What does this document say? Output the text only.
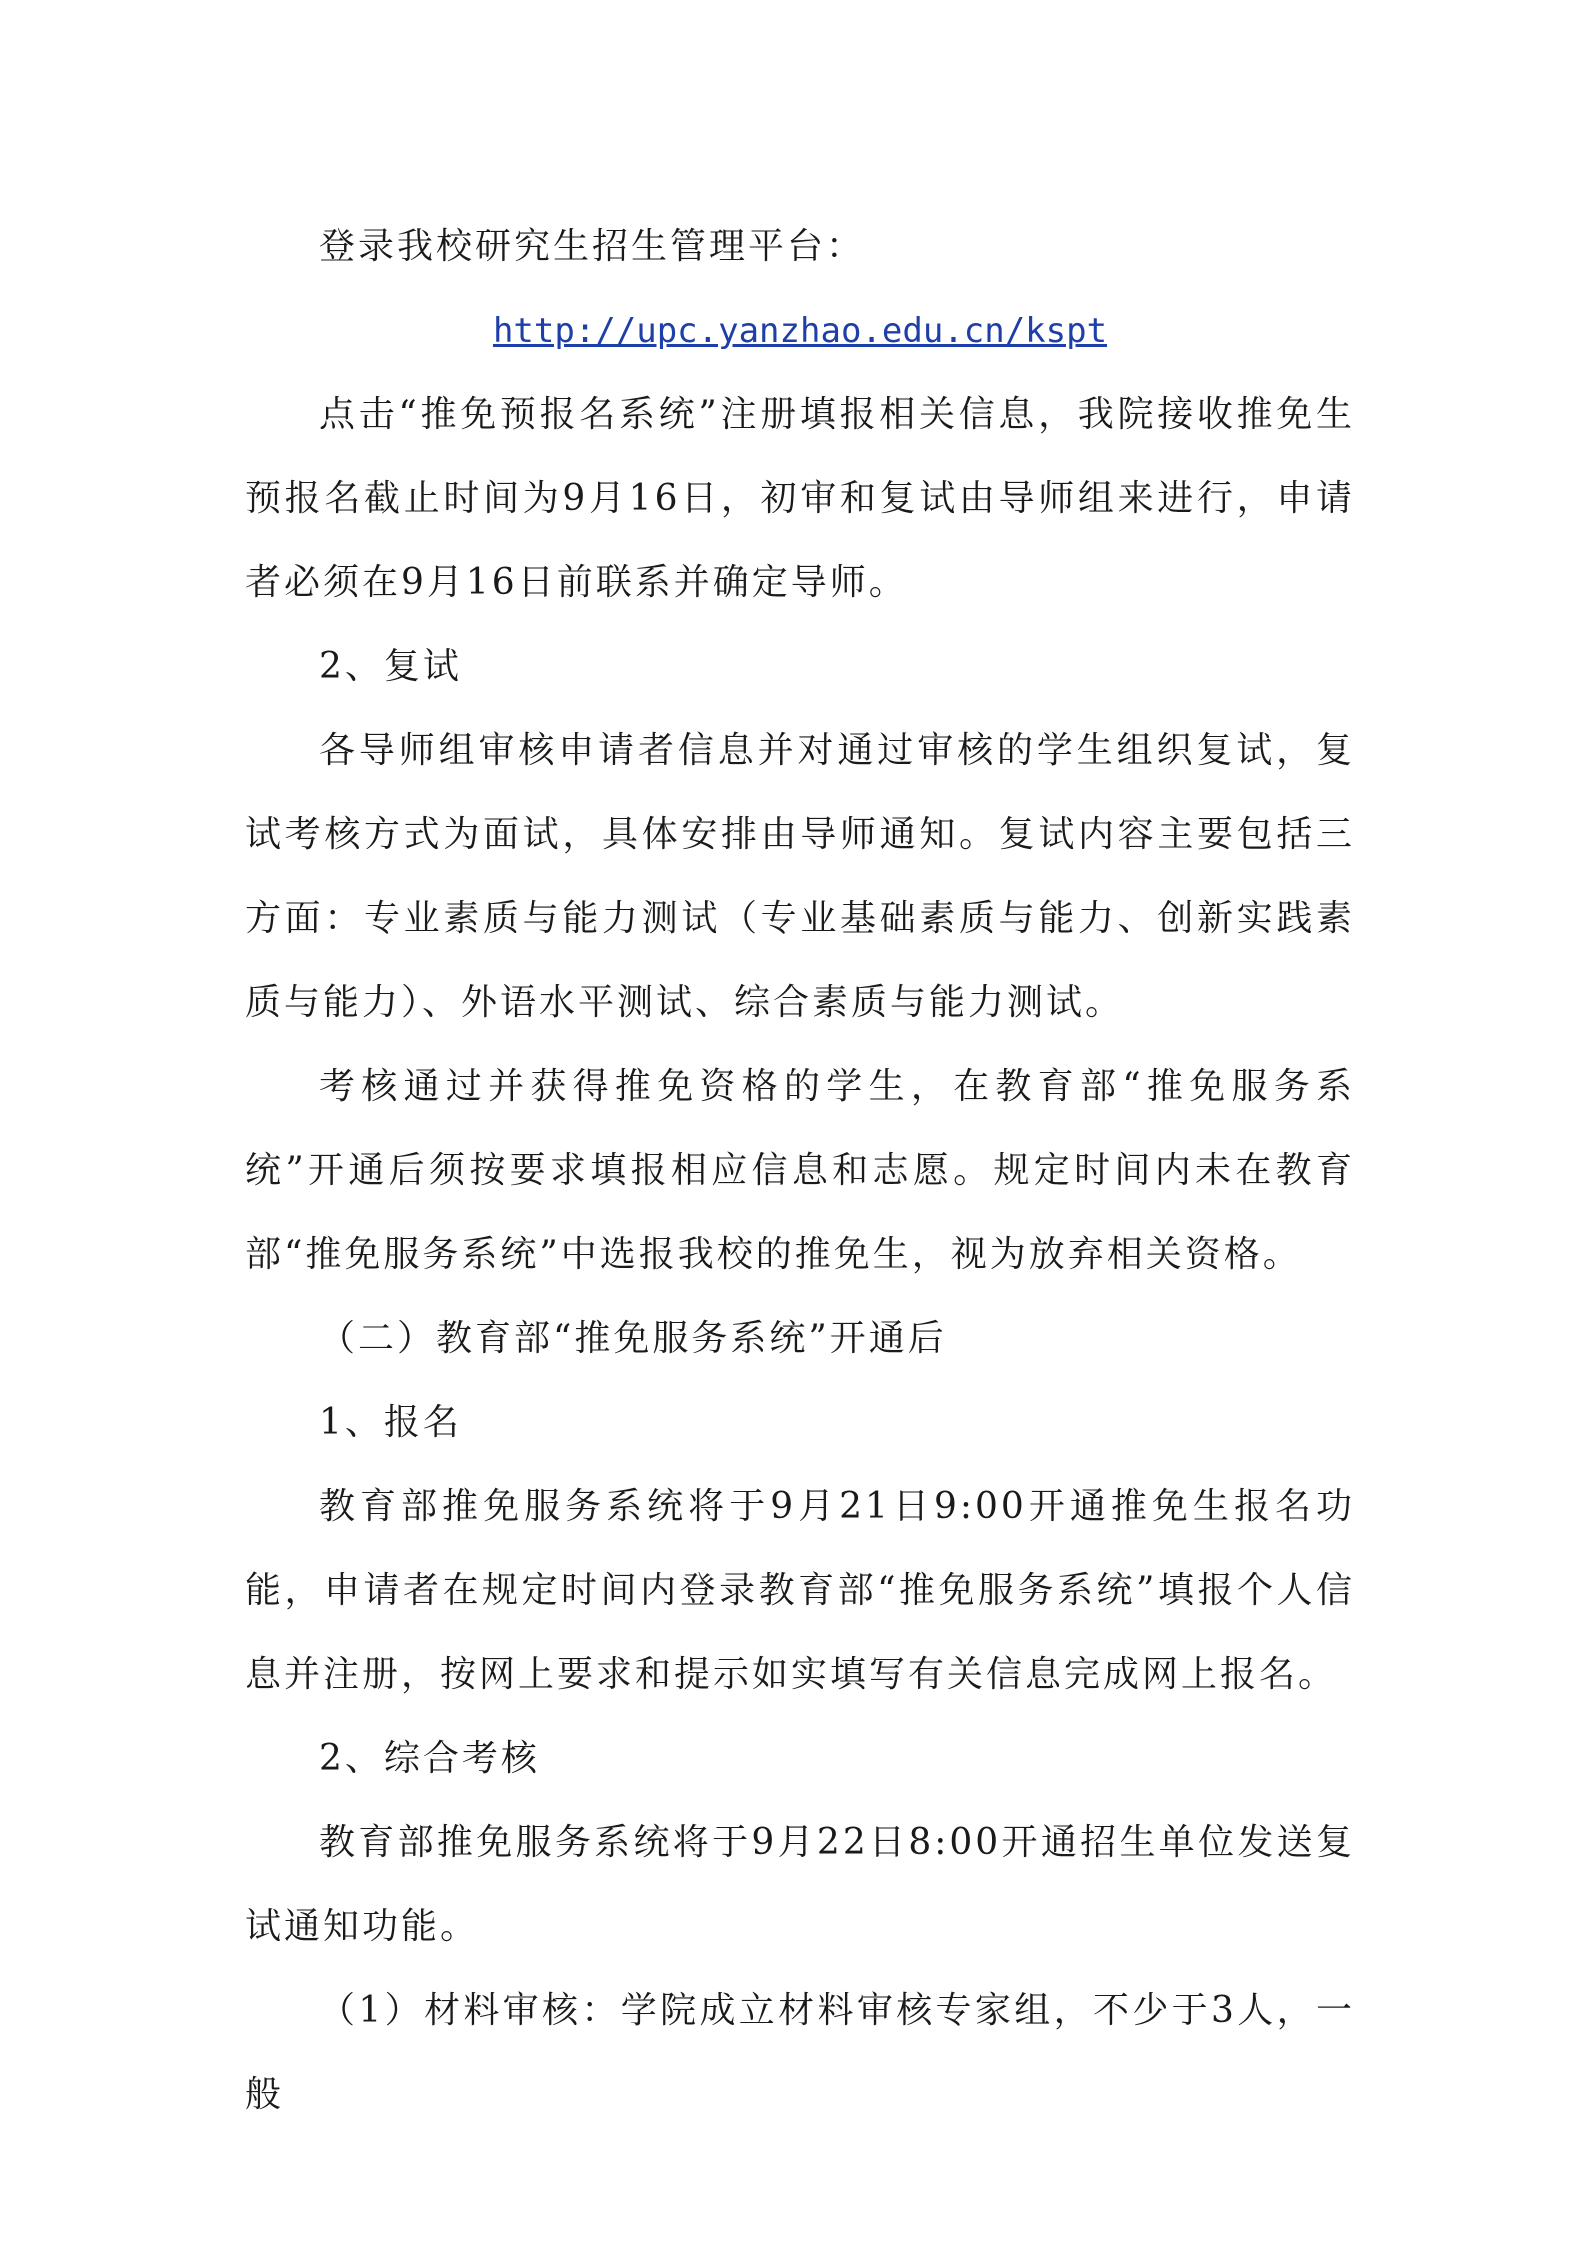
登录我校研究生招生管理平台：

http://upc.yanzhao.edu.cn/kspt

点击“推免预报名系统”注册填报相关信息，我院接收推免生预报名截止时间为9月16日，初审和复试由导师组来进行，申请者必须在9月16日前联系并确定导师。

2、复试

各导师组审核申请者信息并对通过审核的学生组织复试，复试考核方式为面试，具体安排由导师通知。复试内容主要包括三方面：专业素质与能力测试（专业基础素质与能力、创新实践素质与能力）、外语水平测试、综合素质与能力测试。

考核通过并获得推免资格的学生，在教育部“推免服务系统”开通后须按要求填报相应信息和志愿。规定时间内未在教育部“推免服务系统”中选报我校的推免生，视为放弃相关资格。

（二）教育部“推免服务系统”开通后

1、报名

教育部推免服务系统将于9月21日9:00开通推免生报名功能，申请者在规定时间内登录教育部“推免服务系统”填报个人信息并注册，按网上要求和提示如实填写有关信息完成网上报名。

2、综合考核

教育部推免服务系统将于9月22日8:00开通招生单位发送复试通知功能。

（1）材料审核：学院成立材料审核专家组，不少于3人，一般
